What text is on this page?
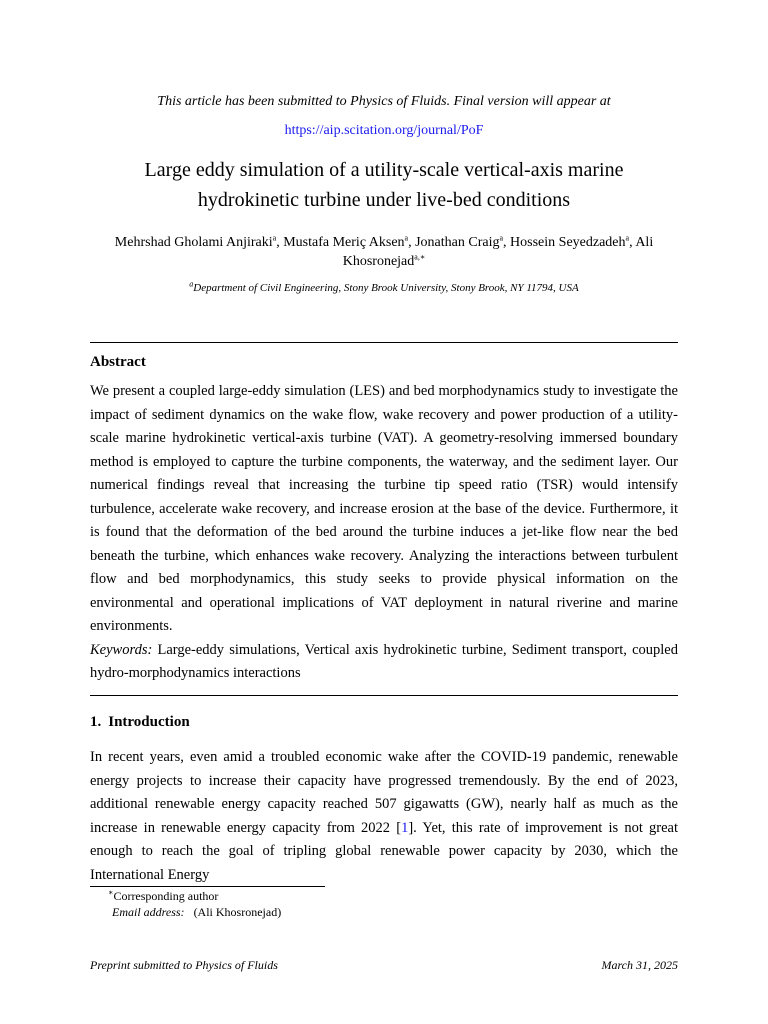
This article has been submitted to Physics of Fluids. Final version will appear at
https://aip.scitation.org/journal/PoF
Large eddy simulation of a utility-scale vertical-axis marine
hydrokinetic turbine under live-bed conditions
Mehrshad Gholami Anjiraki$^a$, Mustafa Meriç Aksen$^a$, Jonathan Craig$^a$, Hossein Seyedzadeh$^a$, Ali Khosronejad$^{a,∗}$
$^a$Department of Civil Engineering, Stony Brook University, Stony Brook, NY 11794, USA
Abstract
We present a coupled large-eddy simulation (LES) and bed morphodynamics study to investigate the impact of sediment dynamics on the wake flow, wake recovery and power production of a utility-scale marine hydrokinetic vertical-axis turbine (VAT). A geometry-resolving immersed boundary method is employed to capture the turbine components, the waterway, and the sediment layer. Our numerical findings reveal that increasing the turbine tip speed ratio (TSR) would intensify turbulence, accelerate wake recovery, and increase erosion at the base of the device. Furthermore, it is found that the deformation of the bed around the turbine induces a jet-like flow near the bed beneath the turbine, which enhances wake recovery. Analyzing the interactions between turbulent flow and bed morphodynamics, this study seeks to provide physical information on the environmental and operational implications of VAT deployment in natural riverine and marine environments.
Keywords: Large-eddy simulations, Vertical axis hydrokinetic turbine, Sediment transport, coupled hydro-morphodynamics interactions
1. Introduction
In recent years, even amid a troubled economic wake after the COVID-19 pandemic, renewable energy projects to increase their capacity have progressed tremendously. By the end of 2023, additional renewable energy capacity reached 507 gigawatts (GW), nearly half as much as the increase in renewable energy capacity from 2022 [1]. Yet, this rate of improvement is not great enough to reach the goal of tripling global renewable power capacity by 2030, which the International Energy
∗Corresponding author
Email address: (Ali Khosronejad)
Preprint submitted to Physics of Fluids	March 31, 2025
